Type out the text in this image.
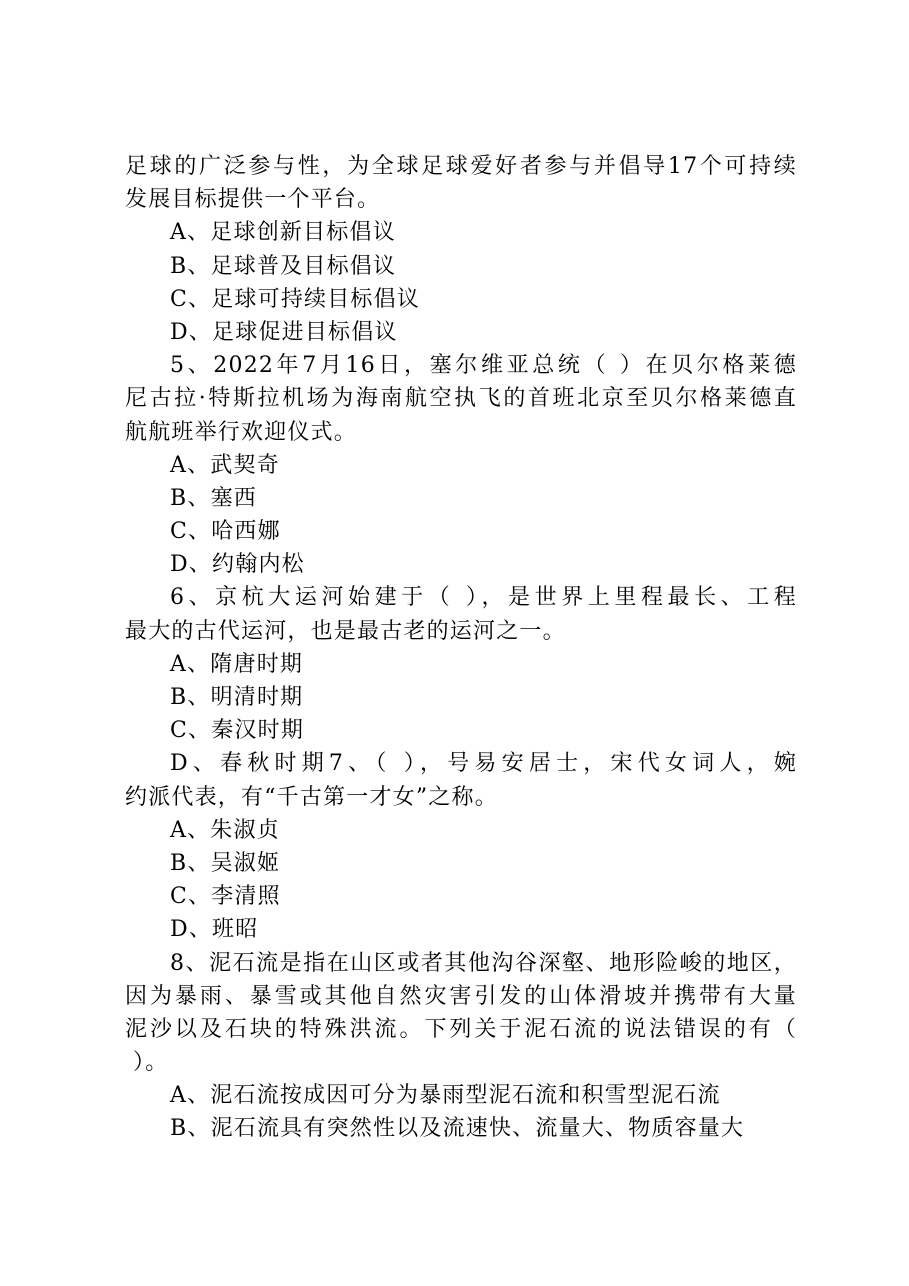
足球的广泛参与性，为全球足球爱好者参与并倡导17个可持续
发展目标提供一个平台。
A、足球创新目标倡议
B、足球普及目标倡议
C、足球可持续目标倡议
D、足球促进目标倡议
5、2022年7月16日，塞尔维亚总统（ ）在贝尔格莱德
尼古拉·特斯拉机场为海南航空执飞的首班北京至贝尔格莱德直
航航班举行欢迎仪式。
A、武契奇
B、塞西
C、哈西娜
D、约翰内松
6、京杭大运河始建于（ ），是世界上里程最长、工程
最大的古代运河，也是最古老的运河之一。
A、隋唐时期
B、明清时期
C、秦汉时期
D、春秋时期7、（ ），号易安居士，宋代女词人，婉
约派代表，有“千古第一才女”之称。
A、朱淑贞
B、吴淑姬
C、李清照
D、班昭
8、泥石流是指在山区或者其他沟谷深壑、地形险峻的地区，
因为暴雨、暴雪或其他自然灾害引发的山体滑坡并携带有大量
泥沙以及石块的特殊洪流。下列关于泥石流的说法错误的有（
）。
A、泥石流按成因可分为暴雨型泥石流和积雪型泥石流
B、泥石流具有突然性以及流速快、流量大、物质容量大
